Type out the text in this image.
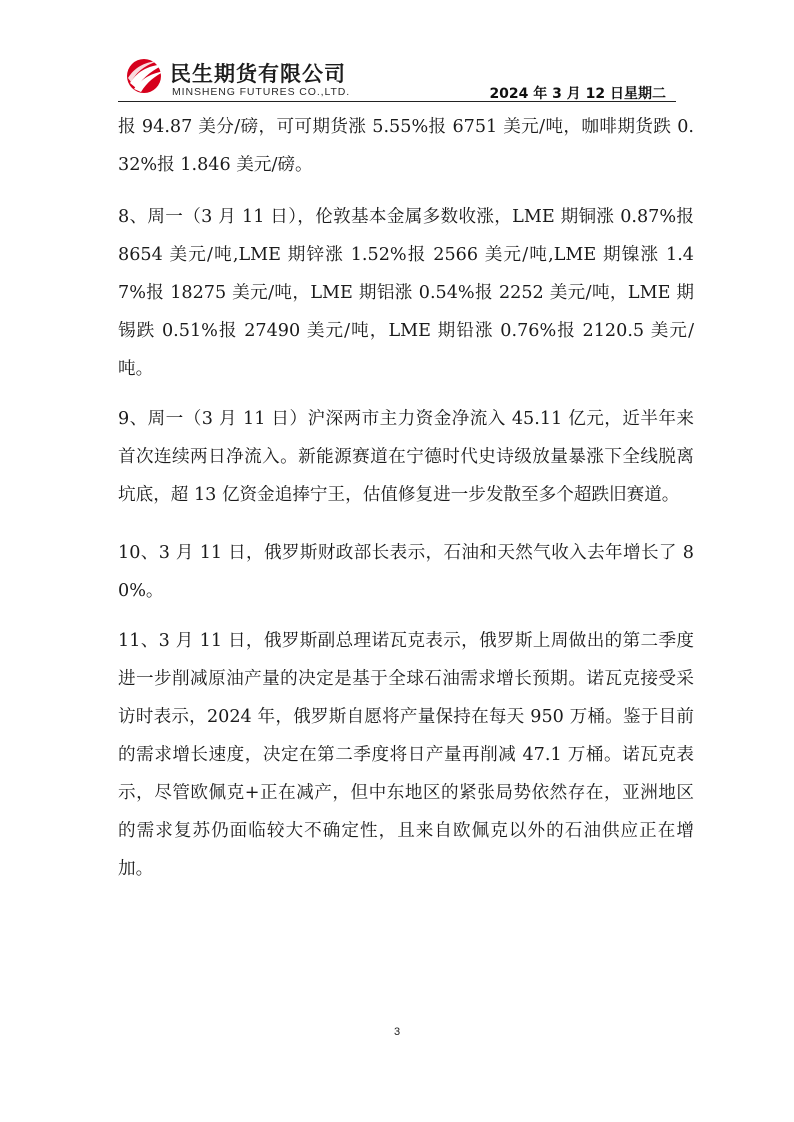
民生期货有限公司
MINSHENG FUTURES CO.,LTD.	2024 年 3 月 12 日星期二

报 94.87 美分/磅，可可期货涨 5.55%报 6751 美元/吨，咖啡期货跌 0.32%报 1.846 美元/磅。

8、周一（3 月 11 日），伦敦基本金属多数收涨，LME 期铜涨 0.87%报 8654 美元/吨,LME 期锌涨 1.52%报 2566 美元/吨,LME 期镍涨 1.47%报 18275 美元/吨，LME 期铝涨 0.54%报 2252 美元/吨，LME 期锡跌 0.51%报 27490 美元/吨，LME 期铅涨 0.76%报 2120.5 美元/吨。

9、周一（3 月 11 日）沪深两市主力资金净流入 45.11 亿元，近半年来首次连续两日净流入。新能源赛道在宁德时代史诗级放量暴涨下全线脱离坑底，超 13 亿资金追捧宁王，估值修复进一步发散至多个超跌旧赛道。

10、3 月 11 日，俄罗斯财政部长表示，石油和天然气收入去年增长了 80%。

11、3 月 11 日，俄罗斯副总理诺瓦克表示，俄罗斯上周做出的第二季度进一步削减原油产量的决定是基于全球石油需求增长预期。诺瓦克接受采访时表示，2024 年，俄罗斯自愿将产量保持在每天 950 万桶。鉴于目前的需求增长速度，决定在第二季度将日产量再削减 47.1 万桶。诺瓦克表示，尽管欧佩克+正在减产，但中东地区的紧张局势依然存在，亚洲地区的需求复苏仍面临较大不确定性，且来自欧佩克以外的石油供应正在增加。

3
